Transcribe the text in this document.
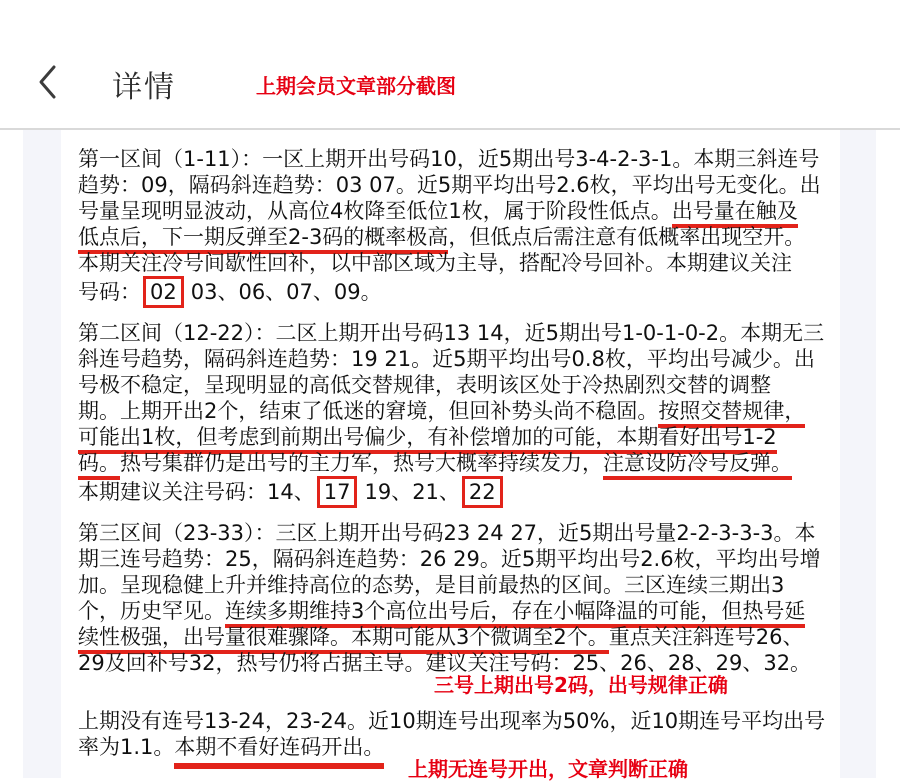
详情	上期会员文章部分截图
第一区间（1-11）：一区上期开出号码10，近5期出号3-4-2-3-1。本期三斜连号
趋势：09，隔码斜连趋势：03 07。近5期平均出号2.6枚，平均出号无变化。出
号量呈现明显波动，从高位4枚降至低位1枚，属于阶段性低点。出号量在触及
低点后，下一期反弹至2-3码的概率极高，但低点后需注意有低概率出现空开。
本期关注冷号间歇性回补，以中部区域为主导，搭配冷号回补。本期建议关注
号码： 02 03、06、07、09。
第二区间（12-22）：二区上期开出号码13 14，近5期出号1-0-1-0-2。本期无三
斜连号趋势，隔码斜连趋势：19 21。近5期平均出号0.8枚，平均出号减少。出
号极不稳定，呈现明显的高低交替规律，表明该区处于冷热剧烈交替的调整
期。上期开出2个，结束了低迷的窘境，但回补势头尚不稳固。按照交替规律，
可能出1枚，但考虑到前期出号偏少，有补偿增加的可能，本期看好出号1-2
码。热号集群仍是出号的主力军，热号大概率持续发力，注意设防冷号反弹。
本期建议关注号码：14、 17 19、21、 22
第三区间（23-33）：三区上期开出号码23 24 27，近5期出号量2-2-3-3-3。本
期三连号趋势：25，隔码斜连趋势：26 29。近5期平均出号2.6枚，平均出号增
加。呈现稳健上升并维持高位的态势，是目前最热的区间。三区连续三期出3
个，历史罕见。连续多期维持3个高位出号后，存在小幅降温的可能，但热号延
续性极强，出号量很难骤降。本期可能从3个微调至2个。重点关注斜连号26、
29及回补号32，热号仍将占据主导。建议关注号码：25、26、28、29、32。
三号上期出号2码，出号规律正确
上期没有连号13-24，23-24。近10期连号出现率为50%，近10期连号平均出号
率为1.1。本期不看好连码开出。
上期无连号开出，文章判断正确
